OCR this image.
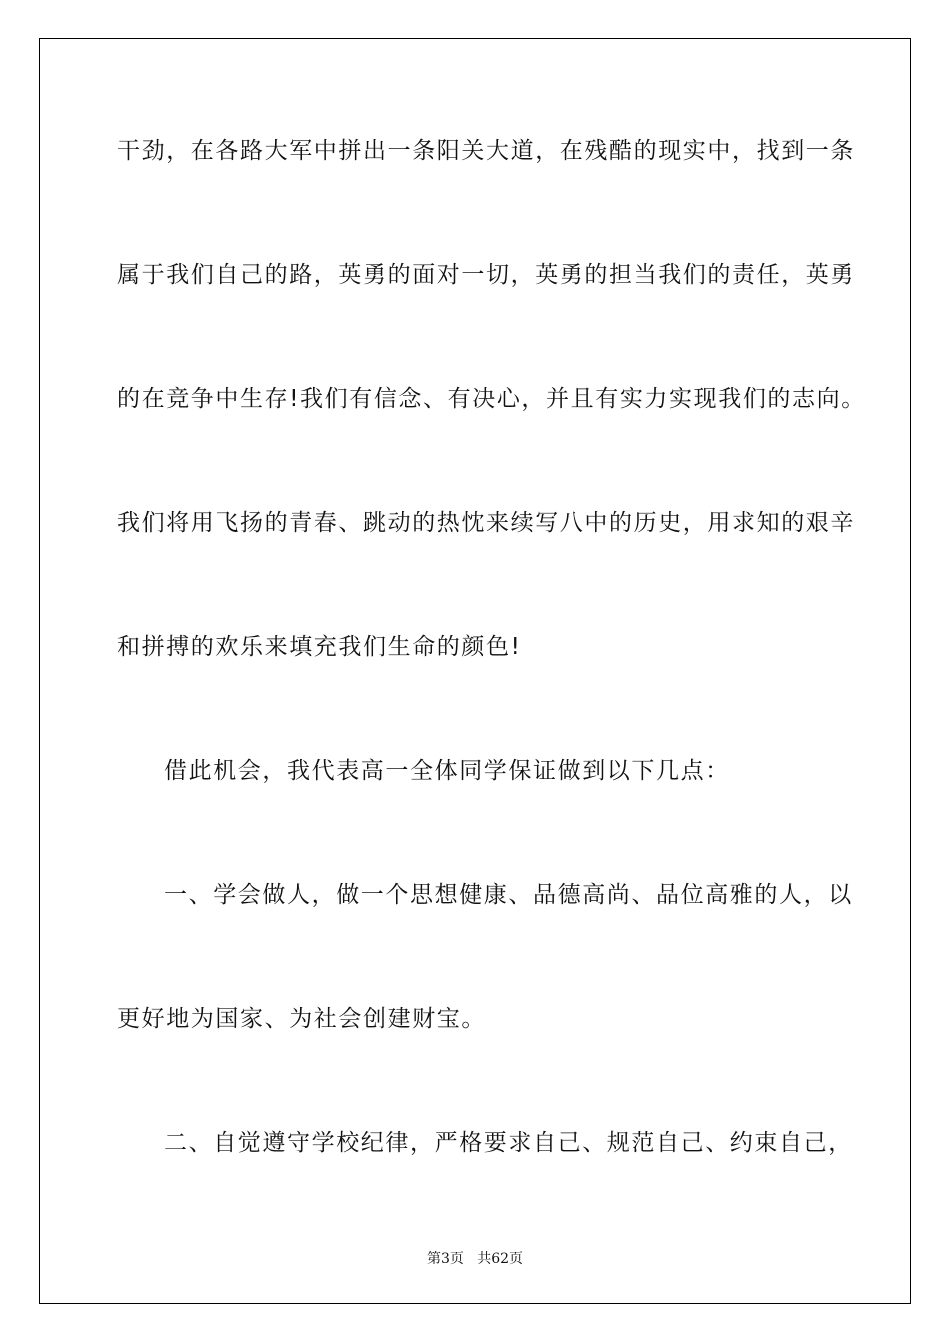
干劲，在各路大军中拼出一条阳关大道，在残酷的现实中，找到一条
属于我们自己的路，英勇的面对一切，英勇的担当我们的责任，英勇
的在竞争中生存!我们有信念、有决心，并且有实力实现我们的志向。
我们将用飞扬的青春、跳动的热忱来续写八中的历史，用求知的艰辛
和拼搏的欢乐来填充我们生命的颜色!
借此机会，我代表高一全体同学保证做到以下几点：
一、学会做人，做一个思想健康、品德高尚、品位高雅的人，以
更好地为国家、为社会创建财宝。
二、自觉遵守学校纪律，严格要求自己、规范自己、约束自己，
第3页   共62页
